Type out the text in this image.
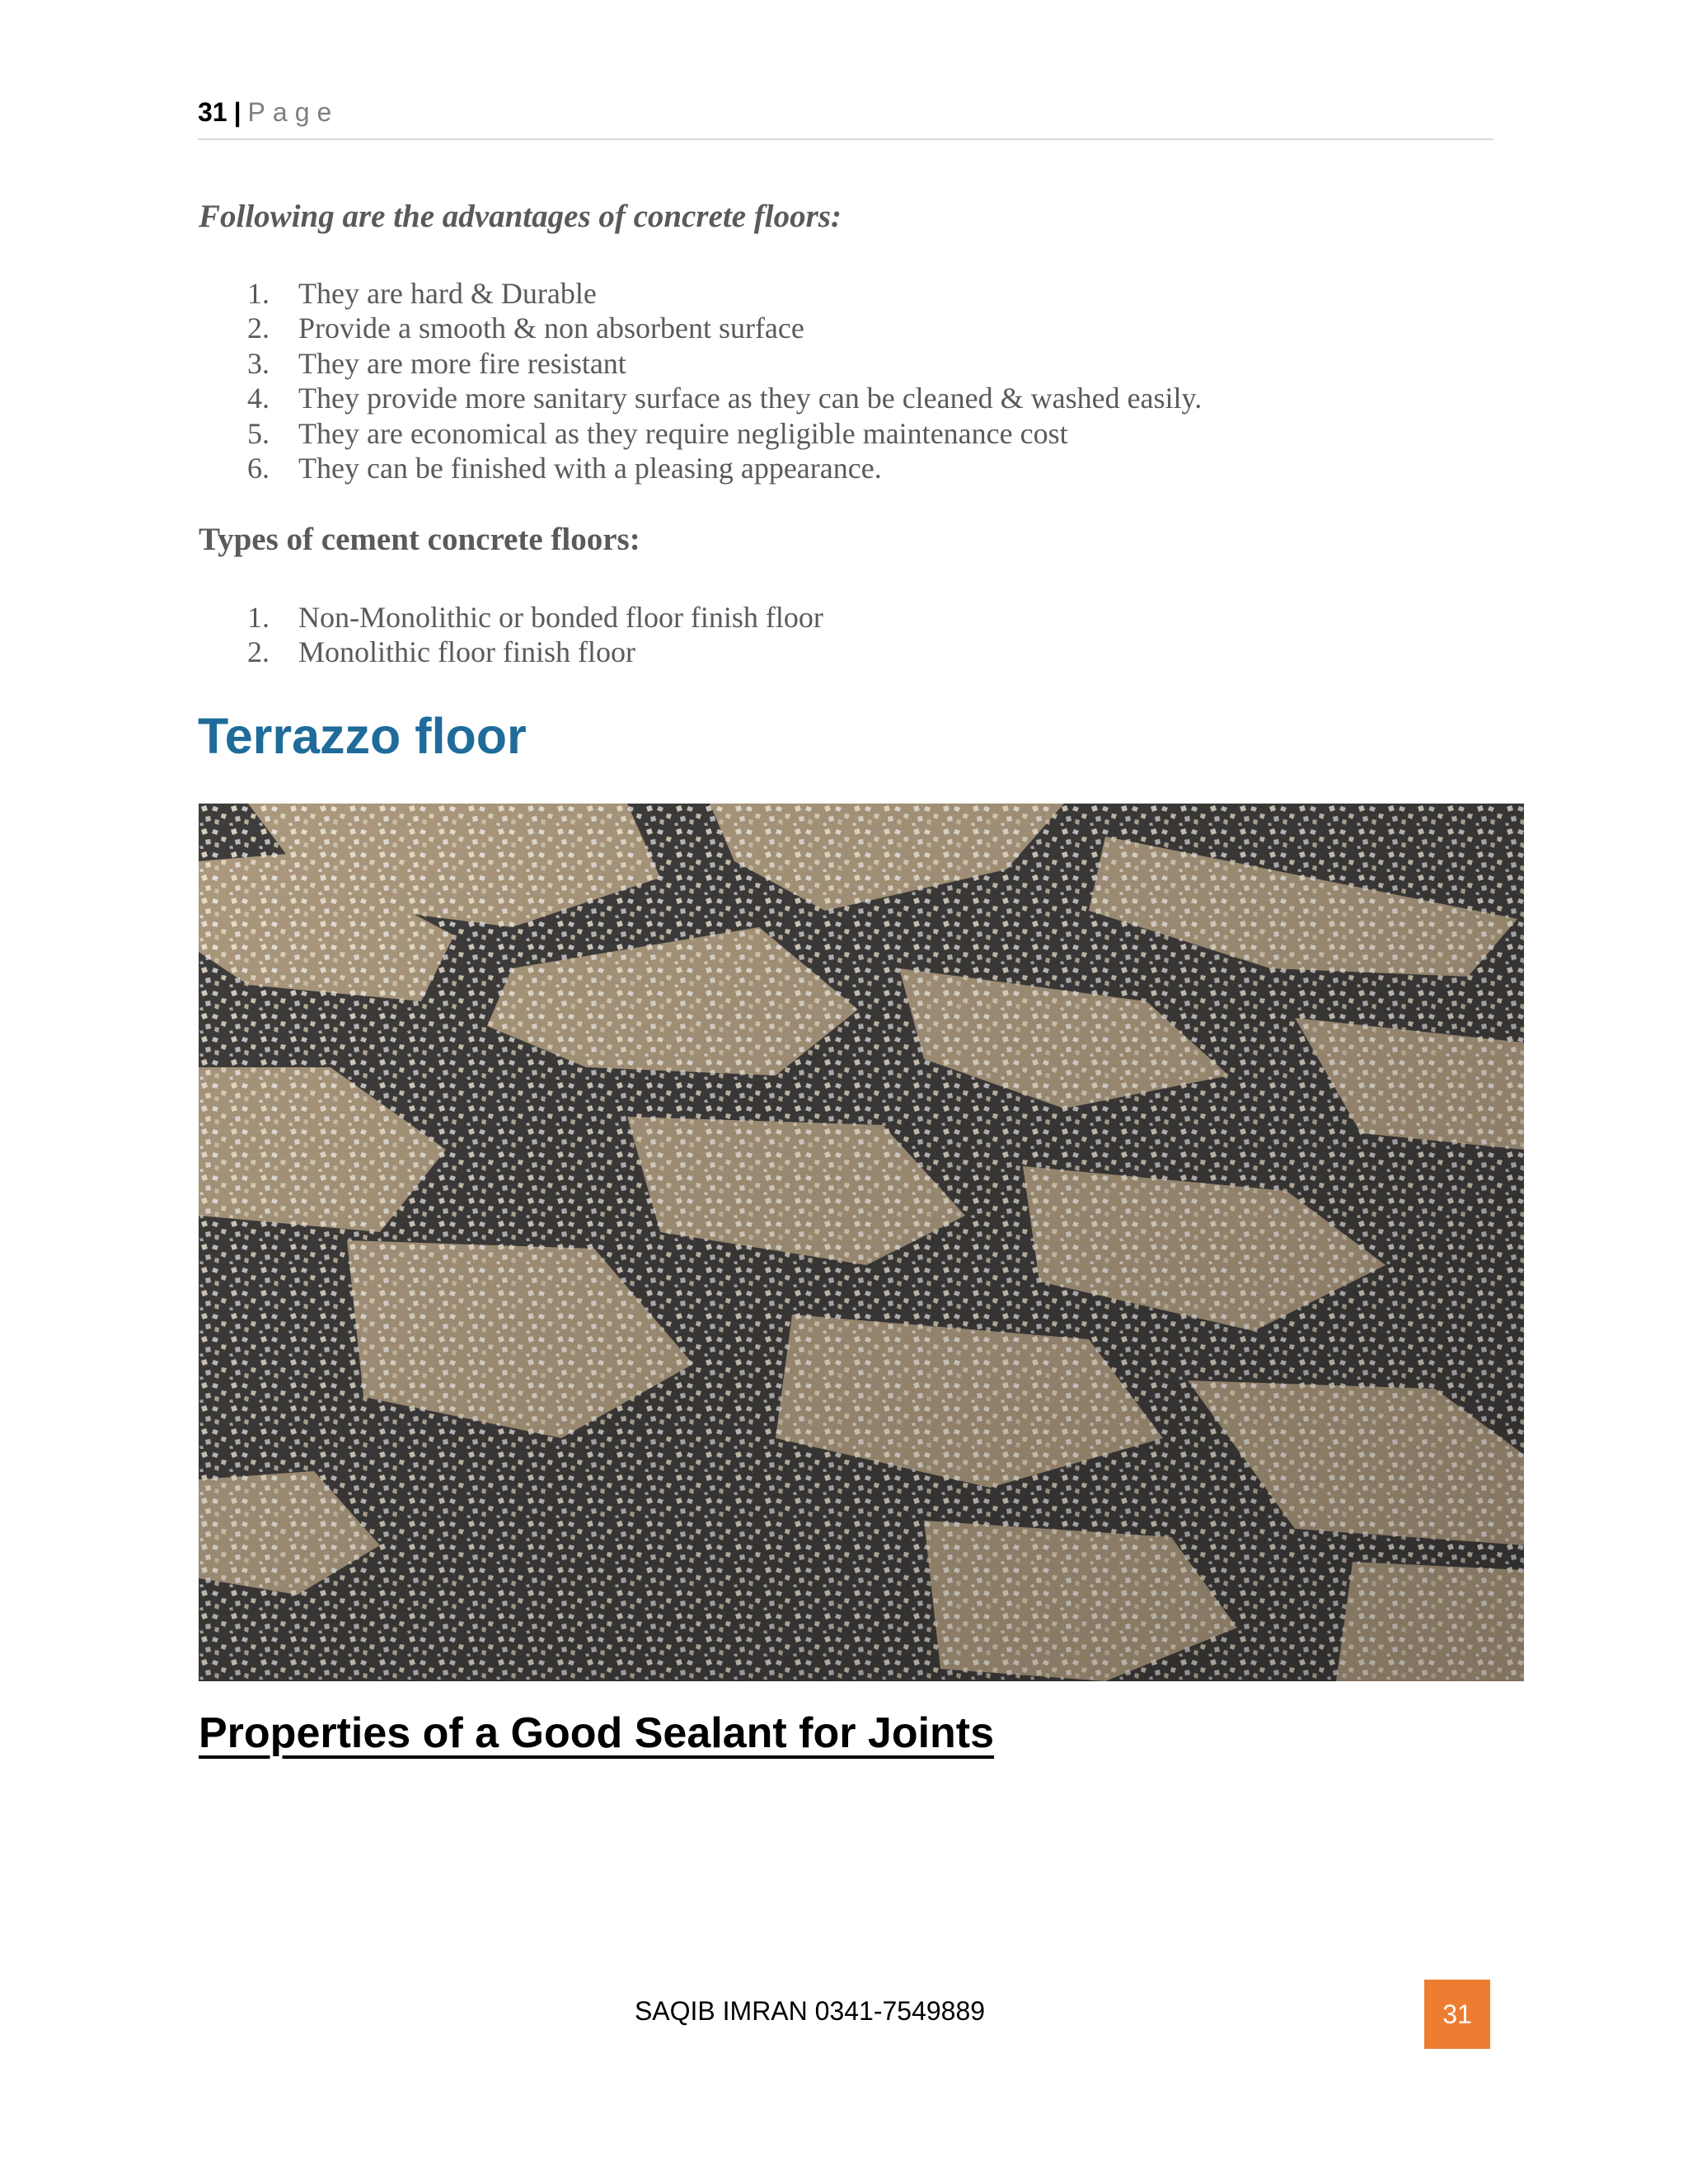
31 | Page
Following are the advantages of concrete floors:
1. They are hard & Durable
2. Provide a smooth & non absorbent surface
3. They are more fire resistant
4. They provide more sanitary surface as they can be cleaned & washed easily.
5. They are economical as they require negligible maintenance cost
6. They can be finished with a pleasing appearance.
Types of cement concrete floors:
1. Non-Monolithic or bonded floor finish floor
2. Monolithic floor finish floor
Terrazzo floor
Properties of a Good Sealant for Joints
SAQIB IMRAN 0341-7549889	31
